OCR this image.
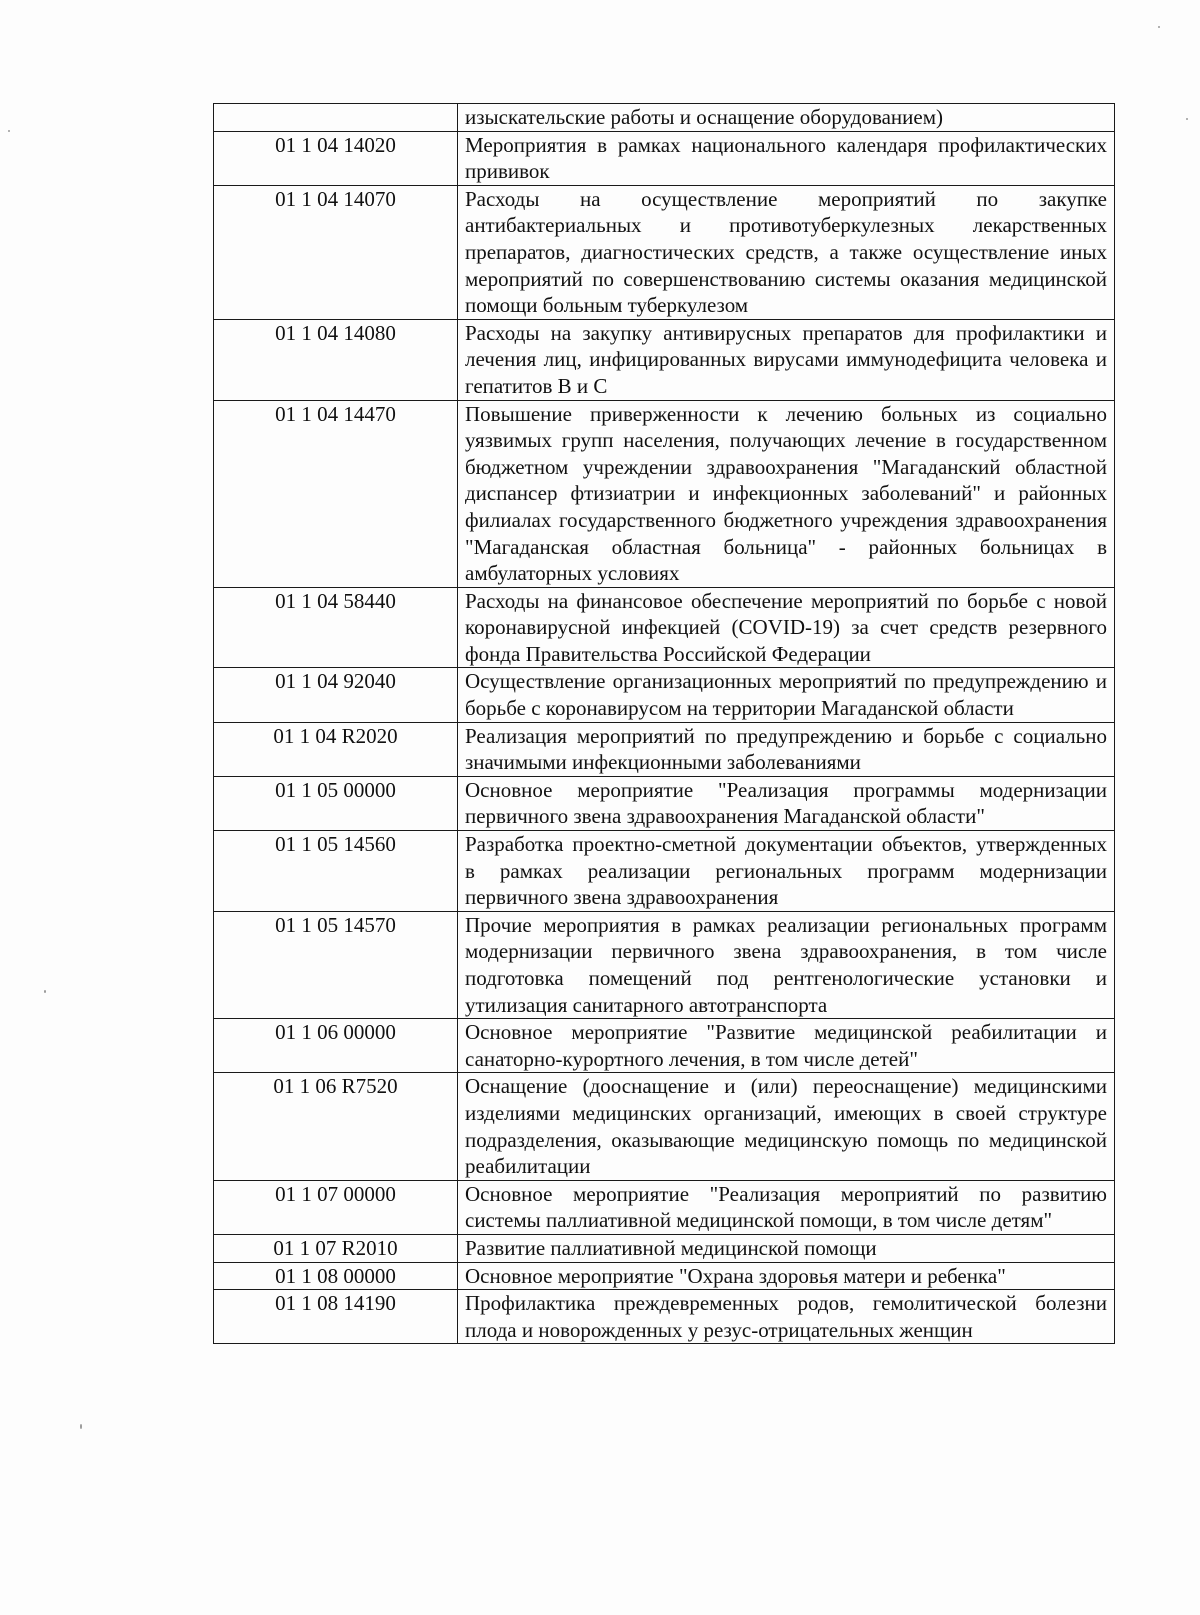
	изыскательские работы и оснащение оборудованием)
01 1 04 14020	Мероприятия в рамках национального календаря профилактических прививок
01 1 04 14070	Расходы на осуществление мероприятий по закупке антибактериальных и противотуберкулезных лекарственных препаратов, диагностических средств, а также осуществление иных мероприятий по совершенствованию системы оказания медицинской помощи больным туберкулезом
01 1 04 14080	Расходы на закупку антивирусных препаратов для профилактики и лечения лиц, инфицированных вирусами иммунодефицита человека и гепатитов В и С
01 1 04 14470	Повышение приверженности к лечению больных из социально уязвимых групп населения, получающих лечение в государственном бюджетном учреждении здравоохранения "Магаданский областной диспансер фтизиатрии и инфекционных заболеваний" и районных филиалах государственного бюджетного учреждения здравоохранения "Магаданская областная больница" - районных больницах в амбулаторных условиях
01 1 04 58440	Расходы на финансовое обеспечение мероприятий по борьбе с новой коронавирусной инфекцией (COVID-19) за счет средств резервного фонда Правительства Российской Федерации
01 1 04 92040	Осуществление организационных мероприятий по предупреждению и борьбе с коронавирусом на территории Магаданской области
01 1 04 R2020	Реализация мероприятий по предупреждению и борьбе с социально значимыми инфекционными заболеваниями
01 1 05 00000	Основное мероприятие "Реализация программы модернизации первичного звена здравоохранения Магаданской области"
01 1 05 14560	Разработка проектно-сметной документации объектов, утвержденных в рамках реализации региональных программ модернизации первичного звена здравоохранения
01 1 05 14570	Прочие мероприятия в рамках реализации региональных программ модернизации первичного звена здравоохранения, в том числе подготовка помещений под рентгенологические установки и утилизация санитарного автотранспорта
01 1 06 00000	Основное мероприятие "Развитие медицинской реабилитации и санаторно-курортного лечения, в том числе детей"
01 1 06 R7520	Оснащение (дооснащение и (или) переоснащение) медицинскими изделиями медицинских организаций, имеющих в своей структуре подразделения, оказывающие медицинскую помощь по медицинской реабилитации
01 1 07 00000	Основное мероприятие "Реализация мероприятий по развитию системы паллиативной медицинской помощи, в том числе детям"
01 1 07 R2010	Развитие паллиативной медицинской помощи
01 1 08 00000	Основное мероприятие "Охрана здоровья матери и ребенка"
01 1 08 14190	Профилактика преждевременных родов, гемолитической болезни плода и новорожденных у резус-отрицательных женщин
